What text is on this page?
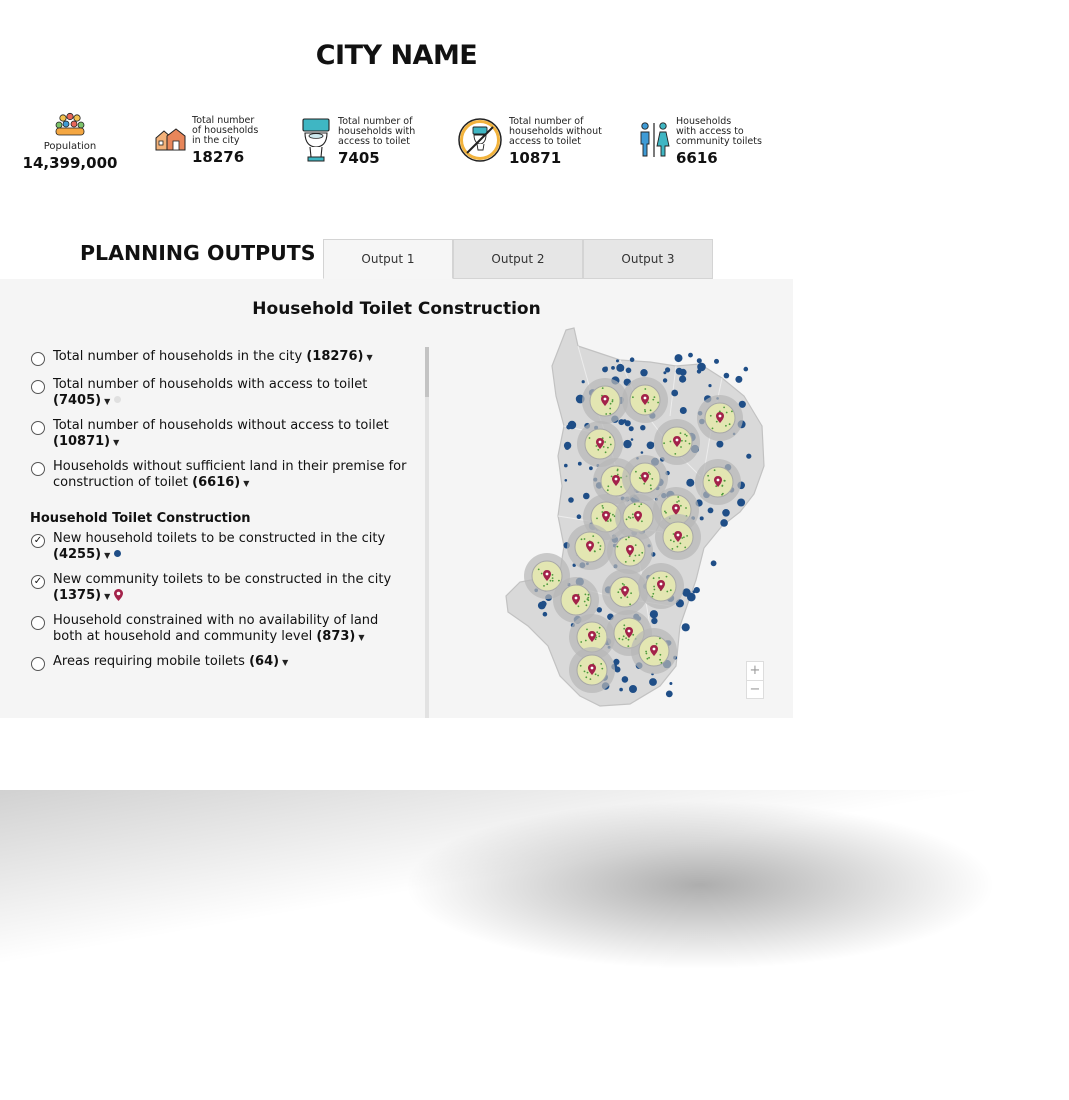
CITY NAME
Population
14,399,000
Total number
of households
in the city
18276
Total number of
households with
access to toilet
7405
Total number of
households without
access to toilet
10871
Households
with access to
community toilets
6616
PLANNING OUTPUTS	Output 1	Output 2	Output 3
Household Toilet Construction
Total number of households in the city (18276) ▼
Total number of households with access to toilet (7405) ▼
Total number of households without access to toilet (10871) ▼
Households without sufficient land in their premise for construction of toilet (6616) ▼
Household Toilet Construction
✓ New household toilets to be constructed in the city (4255) ▼
✓ New community toilets to be constructed in the city (1375) ▼
Household constrained with no availability of land both at household and community level (873) ▼
Areas requiring mobile toilets (64) ▼
+
−
